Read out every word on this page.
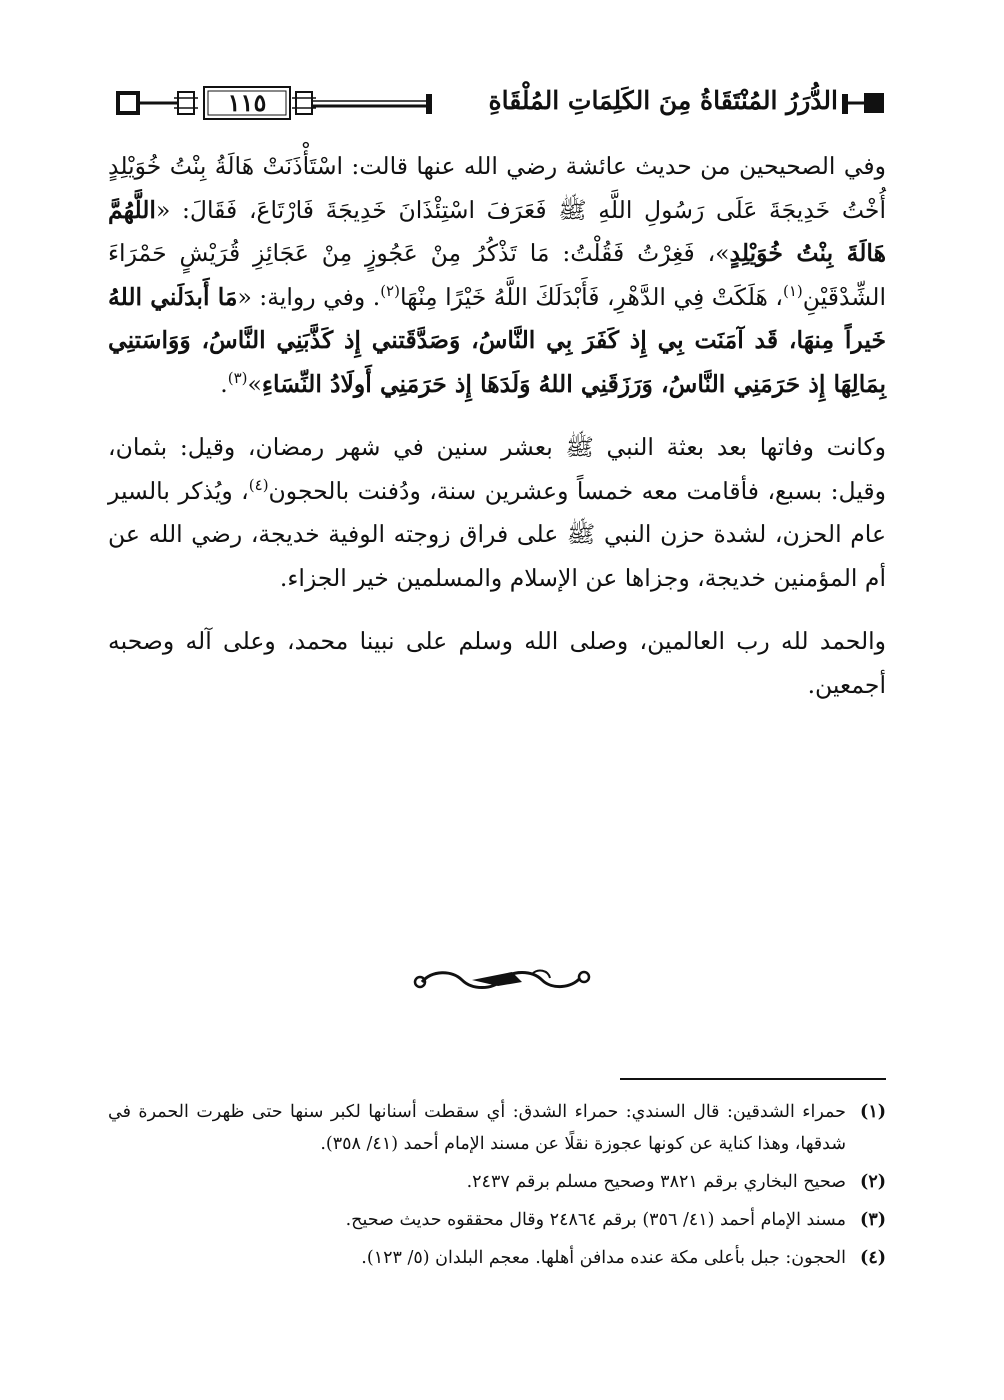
١١٥	الدُّرَرُ المُنْتَقَاةُ مِنَ الكَلِمَاتِ المُلْقَاةِ

وفي الصحيحين من حديث عائشة رضي الله عنها قالت: اسْتَأْذَنَتْ هَالَةُ بِنْتُ خُوَيْلِدٍ أُخْتُ خَدِيجَةَ عَلَى رَسُولِ اللَّهِ ﷺ فَعَرَفَ اسْتِئْذَانَ خَدِيجَةَ فَارْتَاعَ، فَقَالَ: «اللَّهُمَّ هَالَةَ بِنْتُ خُوَيْلِدٍ»، فَغِرْتُ فَقُلْتُ: مَا تَذْكُرُ مِنْ عَجُوزٍ مِنْ عَجَائِزِ قُرَيْشٍ حَمْرَاءَ الشِّدْقَيْنِ$^{(١)}$، هَلَكَتْ فِي الدَّهْرِ، فَأَبْدَلَكَ اللَّهُ خَيْرًا مِنْهَا$^{(٢)}$. وفي رواية: «مَا أَبدَلَني اللهُ خَيراً مِنهَا، قَد آمَنَت بِي إِذ كَفَرَ بِي النَّاسُ، وَصَدَّقَتني إِذ كَذَّبَنِي النَّاسُ، وَوَاسَتنِي بِمَالِهَا إِذ حَرَمَنِي النَّاسُ، وَرَزَقَنِي اللهُ وَلَدَهَا إِذ حَرَمَنِي أَولَادُ النِّسَاءِ»$^{(٣)}$.

وكانت وفاتها بعد بعثة النبي ﷺ بعشر سنين في شهر رمضان، وقيل: بثمان، وقيل: بسبع، فأقامت معه خمساً وعشرين سنة، ودُفنت بالحجون$^{(٤)}$، ويُذكر بالسير عام الحزن، لشدة حزن النبي ﷺ على فراق زوجته الوفية خديجة، رضي الله عن أم المؤمنين خديجة، وجزاها عن الإسلام والمسلمين خير الجزاء.

والحمد لله رب العالمين، وصلى الله وسلم على نبينا محمد، وعلى آله وصحبه أجمعين.

(١)
حمراء الشدقين: قال السندي: حمراء الشدق: أي سقطت أسنانها لكبر سنها حتى ظهرت الحمرة في شدقها، وهذا كناية عن كونها عجوزة نقلًا عن مسند الإمام أحمد (٤١/ ٣٥٨).

(٢)
صحيح البخاري برقم ٣٨٢١ وصحيح مسلم برقم ٢٤٣٧.

(٣)
مسند الإمام أحمد (٤١/ ٣٥٦) برقم ٢٤٨٦٤ وقال محققوه حديث صحيح.

(٤)
الحجون: جبل بأعلى مكة عنده مدافن أهلها. معجم البلدان (٥/ ١٢٣).
